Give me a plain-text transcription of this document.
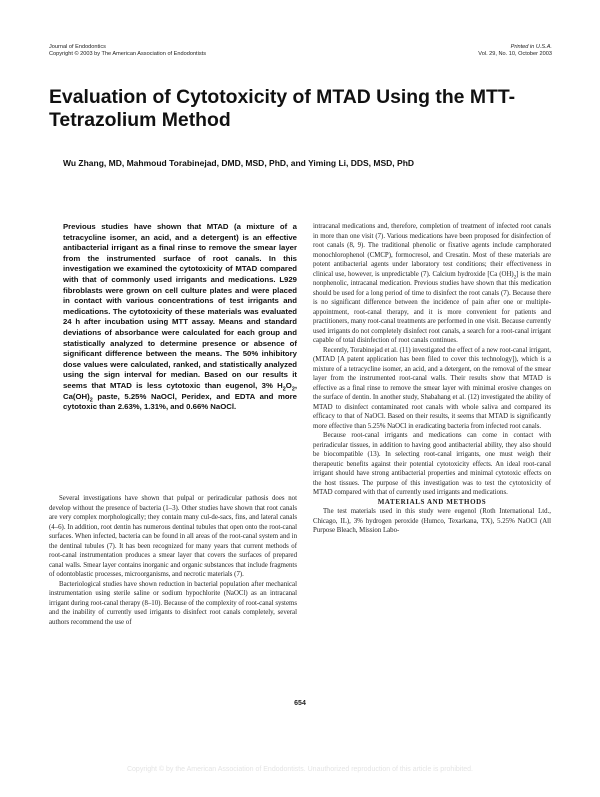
Journal of Endodontics
Copyright © 2003 by The American Association of Endodontists
Printed in U.S.A.
Vol. 29, No. 10, October 2003
Evaluation of Cytotoxicity of MTAD Using the MTT-Tetrazolium Method
Wu Zhang, MD, Mahmoud Torabinejad, DMD, MSD, PhD, and Yiming Li, DDS, MSD, PhD
Previous studies have shown that MTAD (a mixture of a tetracycline isomer, an acid, and a detergent) is an effective antibacterial irrigant as a final rinse to remove the smear layer from the instrumented surface of root canals. In this investigation we examined the cytotoxicity of MTAD compared with that of commonly used irrigants and medications. L929 fibroblasts were grown on cell culture plates and were placed in contact with various concentrations of test irrigants and medications. The cytotoxicity of these materials was evaluated 24 h after incubation using MTT assay. Means and standard deviations of absorbance were calculated for each group and statistically analyzed to determine presence or absence of significant difference between the means. The 50% inhibitory dose values were calculated, ranked, and statistically analyzed using the sign interval for median. Based on our results it seems that MTAD is less cytotoxic than eugenol, 3% $H_2O_2$, $Ca(OH)_2$ paste, 5.25% NaOCl, Peridex, and EDTA and more cytotoxic than 2.63%, 1.31%, and 0.66% NaOCl.

Several investigations have shown that pulpal or periradicular pathosis does not develop without the presence of bacteria (1–3). Other studies have shown that root canals are very complex morphologically; they contain many cul-de-sacs, fins, and lateral canals (4–6). In addition, root dentin has numerous dentinal tubules that open onto the root-canal surfaces. When infected, bacteria can be found in all areas of the root-canal system and in the dentinal tubules (7). It has been recognized for many years that current methods of root-canal instrumentation produces a smear layer that covers the surfaces of prepared canal walls. Smear layer contains inorganic and organic substances that include fragments of odontoblastic processes, microorganisms, and necrotic materials (7).

Bacteriological studies have shown reduction in bacterial population after mechanical instrumentation using sterile saline or sodium hypochlorite (NaOCl) as an intracanal irrigant during root-canal therapy (8–10). Because of the complexity of root-canal systems and the inability of currently used irrigants to disinfect root canals completely, several authors recommend the use of

intracanal medications and, therefore, completion of treatment of infected root canals in more than one visit (7). Various medications have been proposed for disinfection of root canals (8, 9). The traditional phenolic or fixative agents include camphorated monochlorophenol (CMCP), formocresol, and Cresatin. Most of these materials are potent antibacterial agents under laboratory test conditions; their effectiveness in clinical use, however, is unpredictable (7). Calcium hydroxide [Ca $(OH)_2$] is the main nonphenolic, intracanal medication. Previous studies have shown that this medication should be used for a long period of time to disinfect the root canals (7). Because there is no significant difference between the incidence of pain after one or multiple-appointment, root-canal therapy, and it is more convenient for patients and practitioners, many root-canal treatments are performed in one visit. Because currently used irrigants do not completely disinfect root canals, a search for a root-canal irrigant capable of total disinfection of root canals continues.

Recently, Torabinejad et al. (11) investigated the effect of a new root-canal irrigant, (MTAD [A patent application has been filed to cover this technology]), which is a mixture of a tetracycline isomer, an acid, and a detergent, on the removal of the smear layer from the instrumented root-canal walls. Their results show that MTAD is effective as a final rinse to remove the smear layer with minimal erosive changes on the surface of dentin. In another study, Shabahang et al. (12) investigated the ability of MTAD to disinfect contaminated root canals with whole saliva and compared its efficacy to that of NaOCl. Based on their results, it seems that MTAD is significantly more effective than 5.25% NaOCl in eradicating bacteria from infected root canals.

Because root-canal irrigants and medications can come in contact with periradicular tissues, in addition to having good antibacterial ability, they also should be biocompatible (13). In selecting root-canal irrigants, one must weigh their therapeutic benefits against their potential cytotoxicity effects. An ideal root-canal irrigant should have strong antibacterial properties and minimal cytotoxic effects on the host tissues. The purpose of this investigation was to test the cytotoxicity of MTAD compared with that of currently used irrigants and medications.

MATERIALS AND METHODS

The test materials used in this study were eugenol (Roth International Ltd., Chicago, IL), 3% hydrogen peroxide (Humco, Texarkana, TX), 5.25% NaOCl (All Purpose Bleach, Mission Labo-

654
Copyright © by the American Association of Endodontists. Unauthorized reproduction of this article is prohibited.
